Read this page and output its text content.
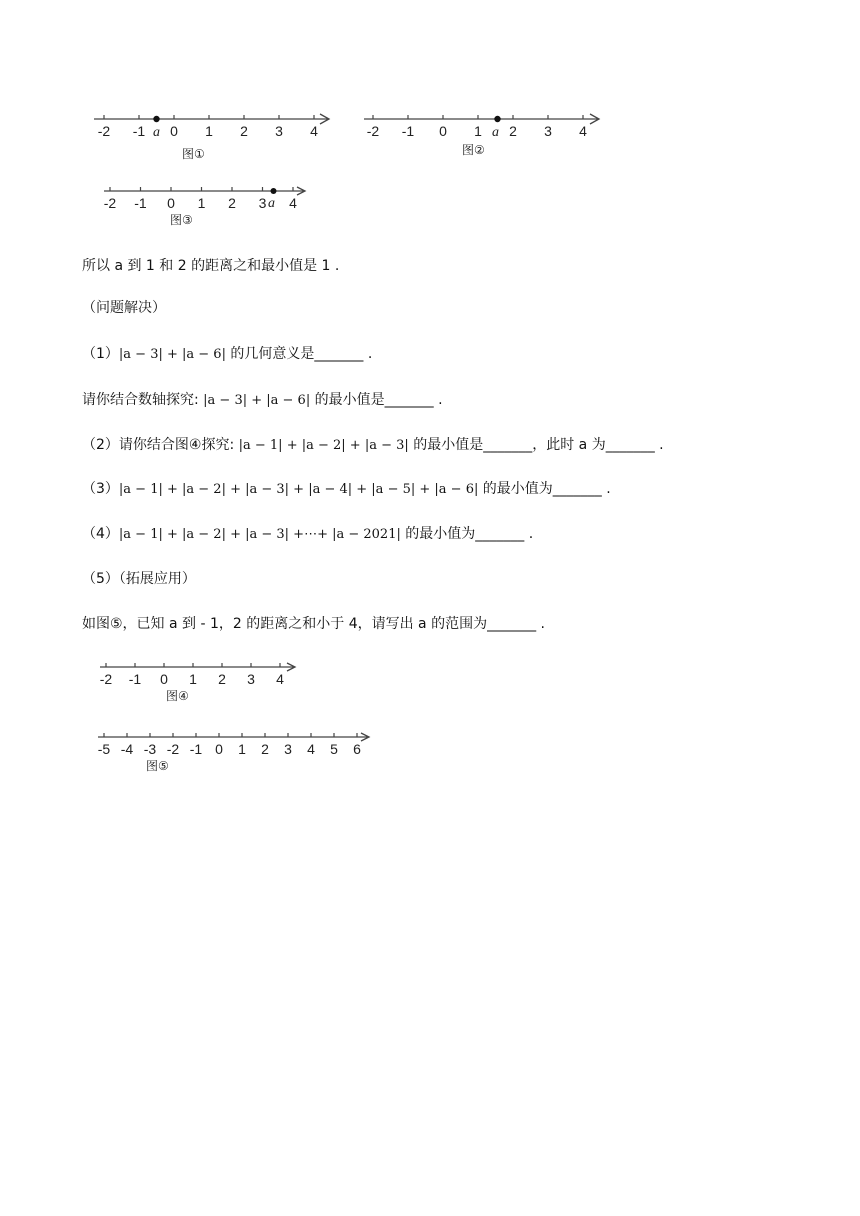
-2 -1 0 1 2 3 4
a
图①
-2 -1 0 1 2 3 4
a
图②
-2 -1 0 1 2 3 4
a
图③
所以 a 到 1 和 2 的距离之和最小值是 1 .
（问题解决）
（1）|a − 3| + |a − 6| 的几何意义是_______ .
请你结合数轴探究: |a − 3| + |a − 6| 的最小值是_______ .
（2）请你结合图④探究: |a − 1| + |a − 2| + |a − 3| 的最小值是_______，此时 a 为_______ .
（3）|a − 1| + |a − 2| + |a − 3| + |a − 4| + |a − 5| + |a − 6| 的最小值为_______ .
（4）|a − 1| + |a − 2| + |a − 3| +⋯+ |a − 2021| 的最小值为_______ .
（5）（拓展应用）
如图⑤，已知 a 到 - 1，2 的距离之和小于 4，请写出 a 的范围为_______ .
-2 -1 0 1 2 3 4
图④
-5 -4 -3 -2 -1 0 1 2 3 4 5 6
图⑤
